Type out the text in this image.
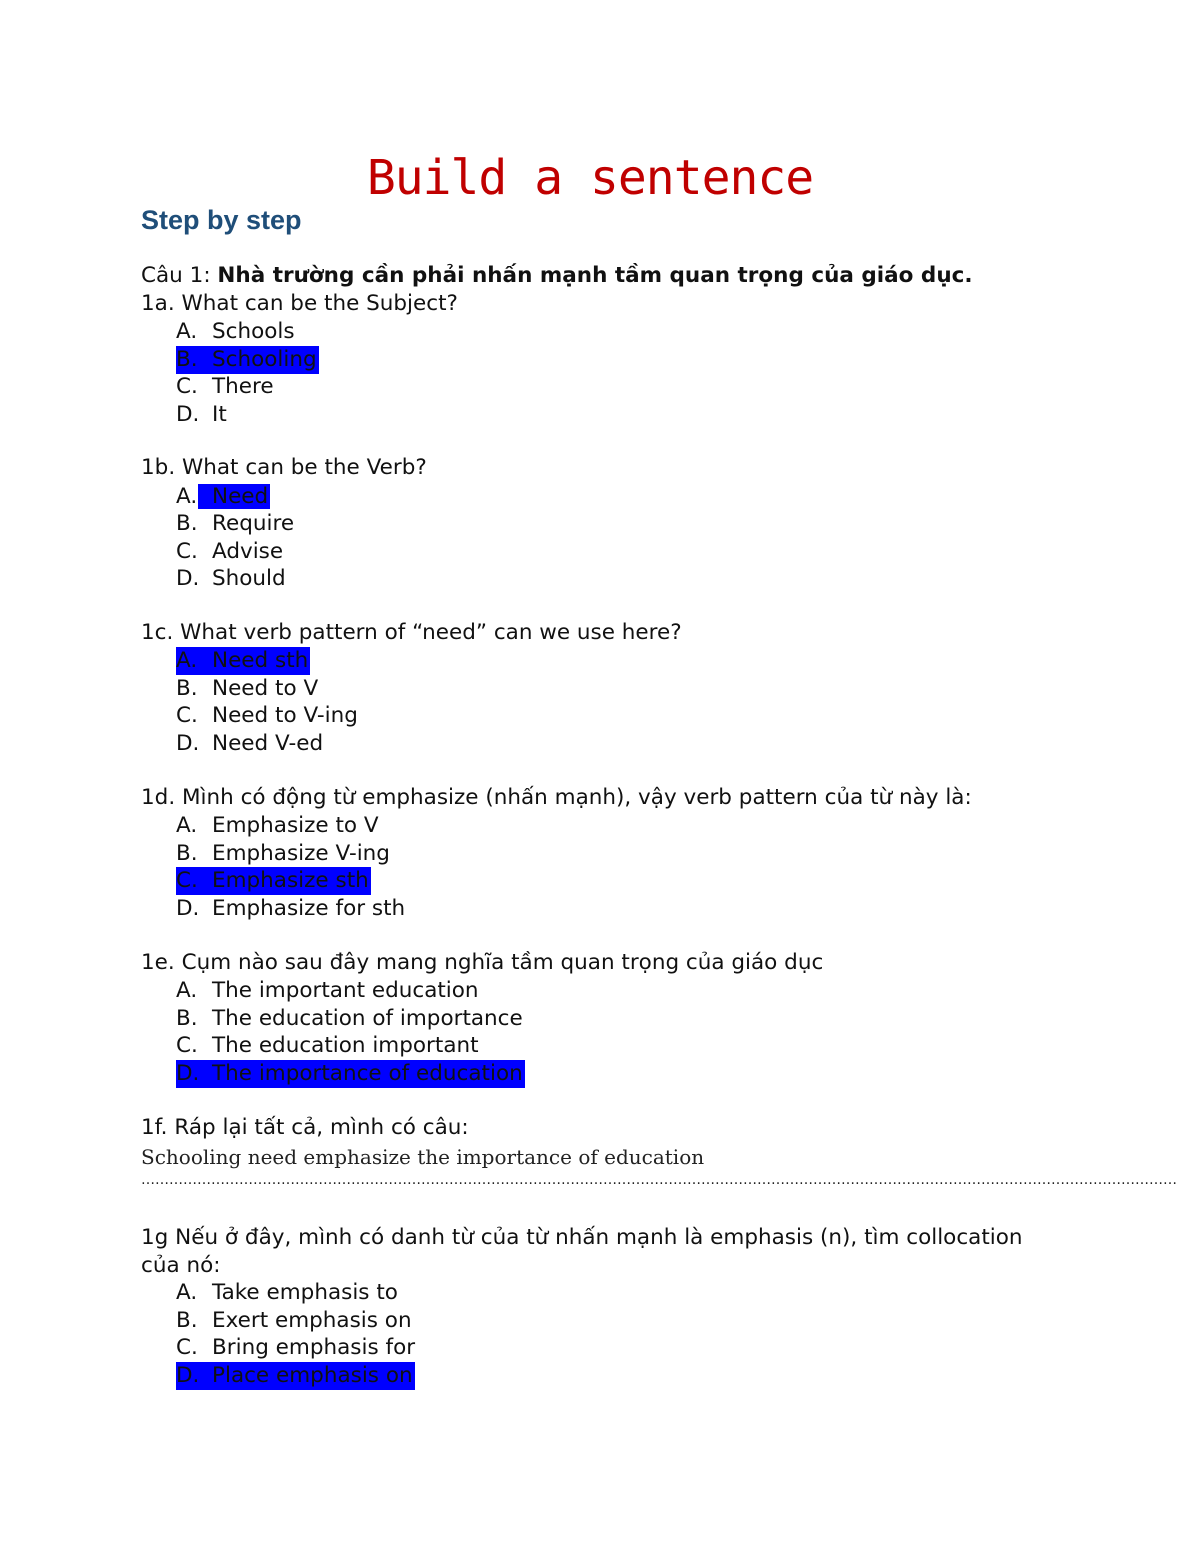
Build a sentence
Step by step
Câu 1: Nhà trường cần phải nhấn mạnh tầm quan trọng của giáo dục.
1a. What can be the Subject?
A. Schools
B. Schooling
C. There
D. It
1b. What can be the Verb?
A. Need
B. Require
C. Advise
D. Should
1c. What verb pattern of “need” can we use here?
A. Need sth
B. Need to V
C. Need to V-ing
D. Need V-ed
1d. Mình có động từ emphasize (nhấn mạnh), vậy verb pattern của từ này là:
A. Emphasize to V
B. Emphasize V-ing
C. Emphasize sth
D. Emphasize for sth
1e. Cụm nào sau đây mang nghĩa tầm quan trọng của giáo dục
A. The important education
B. The education of importance
C. The education important
D. The importance of education
1f. Ráp lại tất cả, mình có câu:
Schooling need emphasize the importance of education
……………………………………………………………………………………………………………………………………………………………………………………………………
1g Nếu ở đây, mình có danh từ của từ nhấn mạnh là emphasis (n), tìm collocation của nó:
A. Take emphasis to
B. Exert emphasis on
C. Bring emphasis for
D. Place emphasis on
